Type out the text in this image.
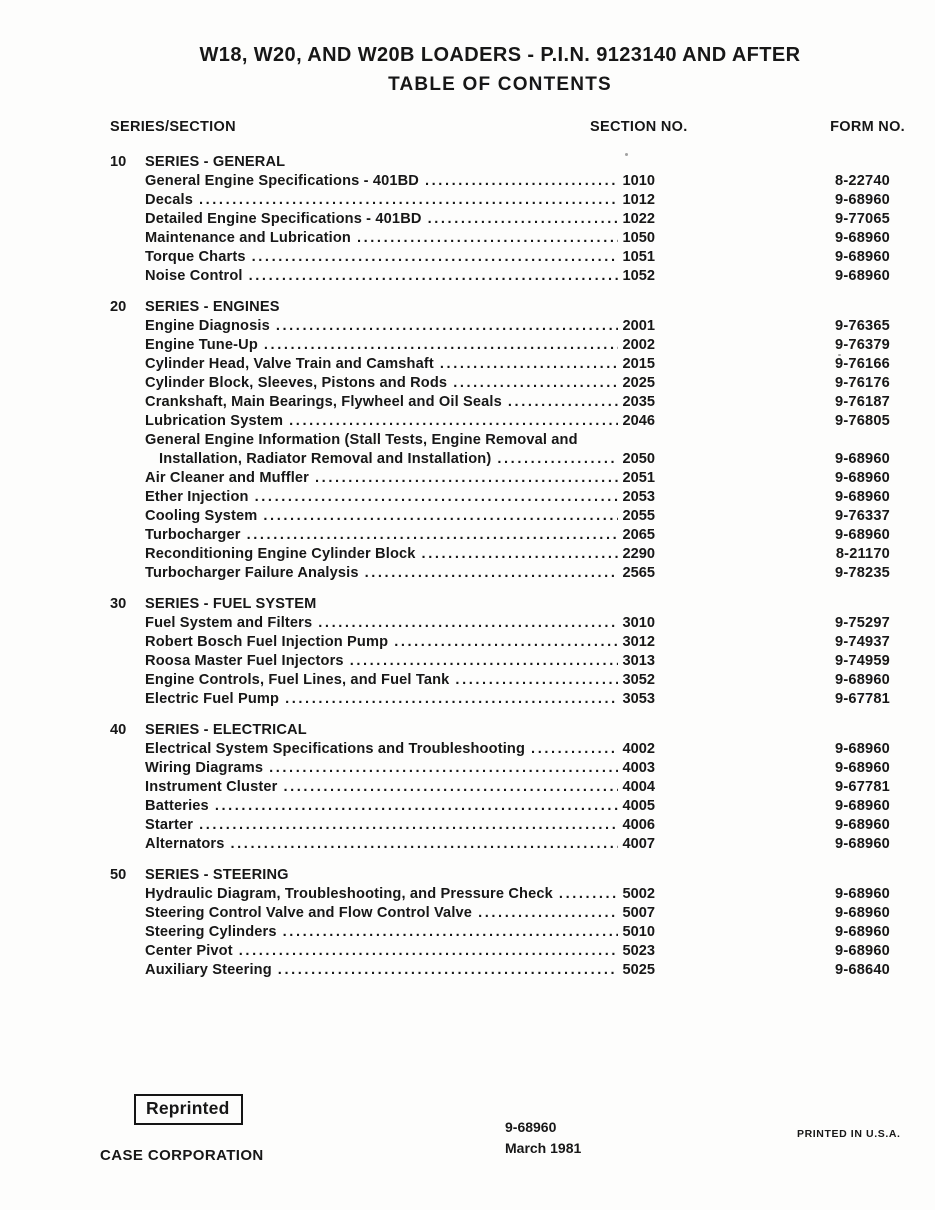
W18, W20, AND W20B LOADERS - P.I.N. 9123140 AND AFTER
TABLE OF CONTENTS
SERIES/SECTION	SECTION NO.	FORM NO.
10	SERIES - GENERAL
General Engine Specifications - 401BD .....	1010	8-22740
Decals .....	1012	9-68960
Detailed Engine Specifications - 401BD .....	1022	9-77065
Maintenance and Lubrication .....	1050	9-68960
Torque Charts .....	1051	9-68960
Noise Control .....	1052	9-68960
20	SERIES - ENGINES
Engine Diagnosis .....	2001	9-76365
Engine Tune-Up .....	2002	9-76379
Cylinder Head, Valve Train and Camshaft .....	2015	9-76166
Cylinder Block, Sleeves, Pistons and Rods .....	2025	9-76176
Crankshaft, Main Bearings, Flywheel and Oil Seals .....	2035	9-76187
Lubrication System .....	2046	9-76805
General Engine Information (Stall Tests, Engine Removal and
Installation, Radiator Removal and Installation) .....	2050	9-68960
Air Cleaner and Muffler .....	2051	9-68960
Ether Injection .....	2053	9-68960
Cooling System .....	2055	9-76337
Turbocharger .....	2065	9-68960
Reconditioning Engine Cylinder Block .....	2290	8-21170
Turbocharger Failure Analysis .....	2565	9-78235
30	SERIES - FUEL SYSTEM
Fuel System and Filters .....	3010	9-75297
Robert Bosch Fuel Injection Pump .....	3012	9-74937
Roosa Master Fuel Injectors .....	3013	9-74959
Engine Controls, Fuel Lines, and Fuel Tank .....	3052	9-68960
Electric Fuel Pump .....	3053	9-67781
40	SERIES - ELECTRICAL
Electrical System Specifications and Troubleshooting .....	4002	9-68960
Wiring Diagrams .....	4003	9-68960
Instrument Cluster .....	4004	9-67781
Batteries .....	4005	9-68960
Starter .....	4006	9-68960
Alternators .....	4007	9-68960
50	SERIES - STEERING
Hydraulic Diagram, Troubleshooting, and Pressure Check .....	5002	9-68960
Steering Control Valve and Flow Control Valve .....	5007	9-68960
Steering Cylinders .....	5010	9-68960
Center Pivot .....	5023	9-68960
Auxiliary Steering .....	5025	9-68640
Reprinted
CASE CORPORATION
9-68960
March 1981
PRINTED IN U.S.A.
